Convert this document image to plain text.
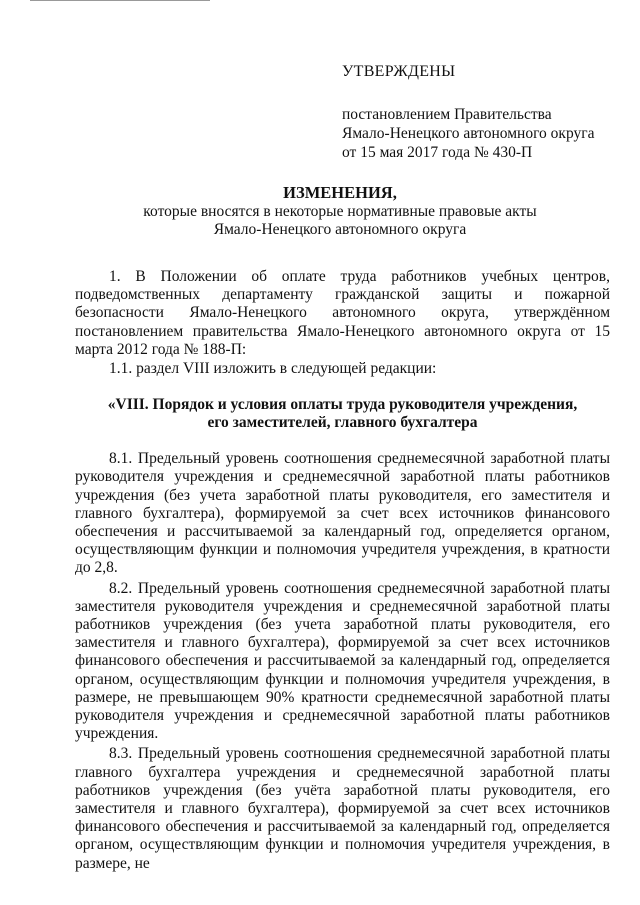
УТВЕРЖДЕНЫ
постановлением Правительства
Ямало-Ненецкого автономного округа
от 15 мая 2017 года № 430-П
ИЗМЕНЕНИЯ,
которые вносятся в некоторые нормативные правовые акты
Ямало-Ненецкого автономного округа

1. В Положении об оплате труда работников учебных центров, подведомственных департаменту гражданской защиты и пожарной безопасности Ямало-Ненецкого автономного округа, утверждённом постановлением правительства Ямало-Ненецкого автономного округа от 15 марта 2012 года № 188-П:

1.1. раздел VIII изложить в следующей редакции:

«VIII. Порядок и условия оплаты труда руководителя учреждения,
его заместителей, главного бухгалтера

8.1. Предельный уровень соотношения среднемесячной заработной платы руководителя учреждения и среднемесячной заработной платы работников учреждения (без учета заработной платы руководителя, его заместителя и главного бухгалтера), формируемой за счет всех источников финансового обеспечения и рассчитываемой за календарный год, определяется органом, осуществляющим функции и полномочия учредителя учреждения, в кратности до 2,8.

8.2. Предельный уровень соотношения среднемесячной заработной платы заместителя руководителя учреждения и среднемесячной заработной платы работников учреждения (без учета заработной платы руководителя, его заместителя и главного бухгалтера), формируемой за счет всех источников финансового обеспечения и рассчитываемой за календарный год, определяется органом, осуществляющим функции и полномочия учредителя учреждения, в размере, не превышающем 90% кратности среднемесячной заработной платы руководителя учреждения и среднемесячной заработной платы работников учреждения.

8.3. Предельный уровень соотношения среднемесячной заработной платы главного бухгалтера учреждения и среднемесячной заработной платы работников учреждения (без учёта заработной платы руководителя, его заместителя и главного бухгалтера), формируемой за счет всех источников финансового обеспечения и рассчитываемой за календарный год, определяется органом, осуществляющим функции и полномочия учредителя учреждения, в размере, не
